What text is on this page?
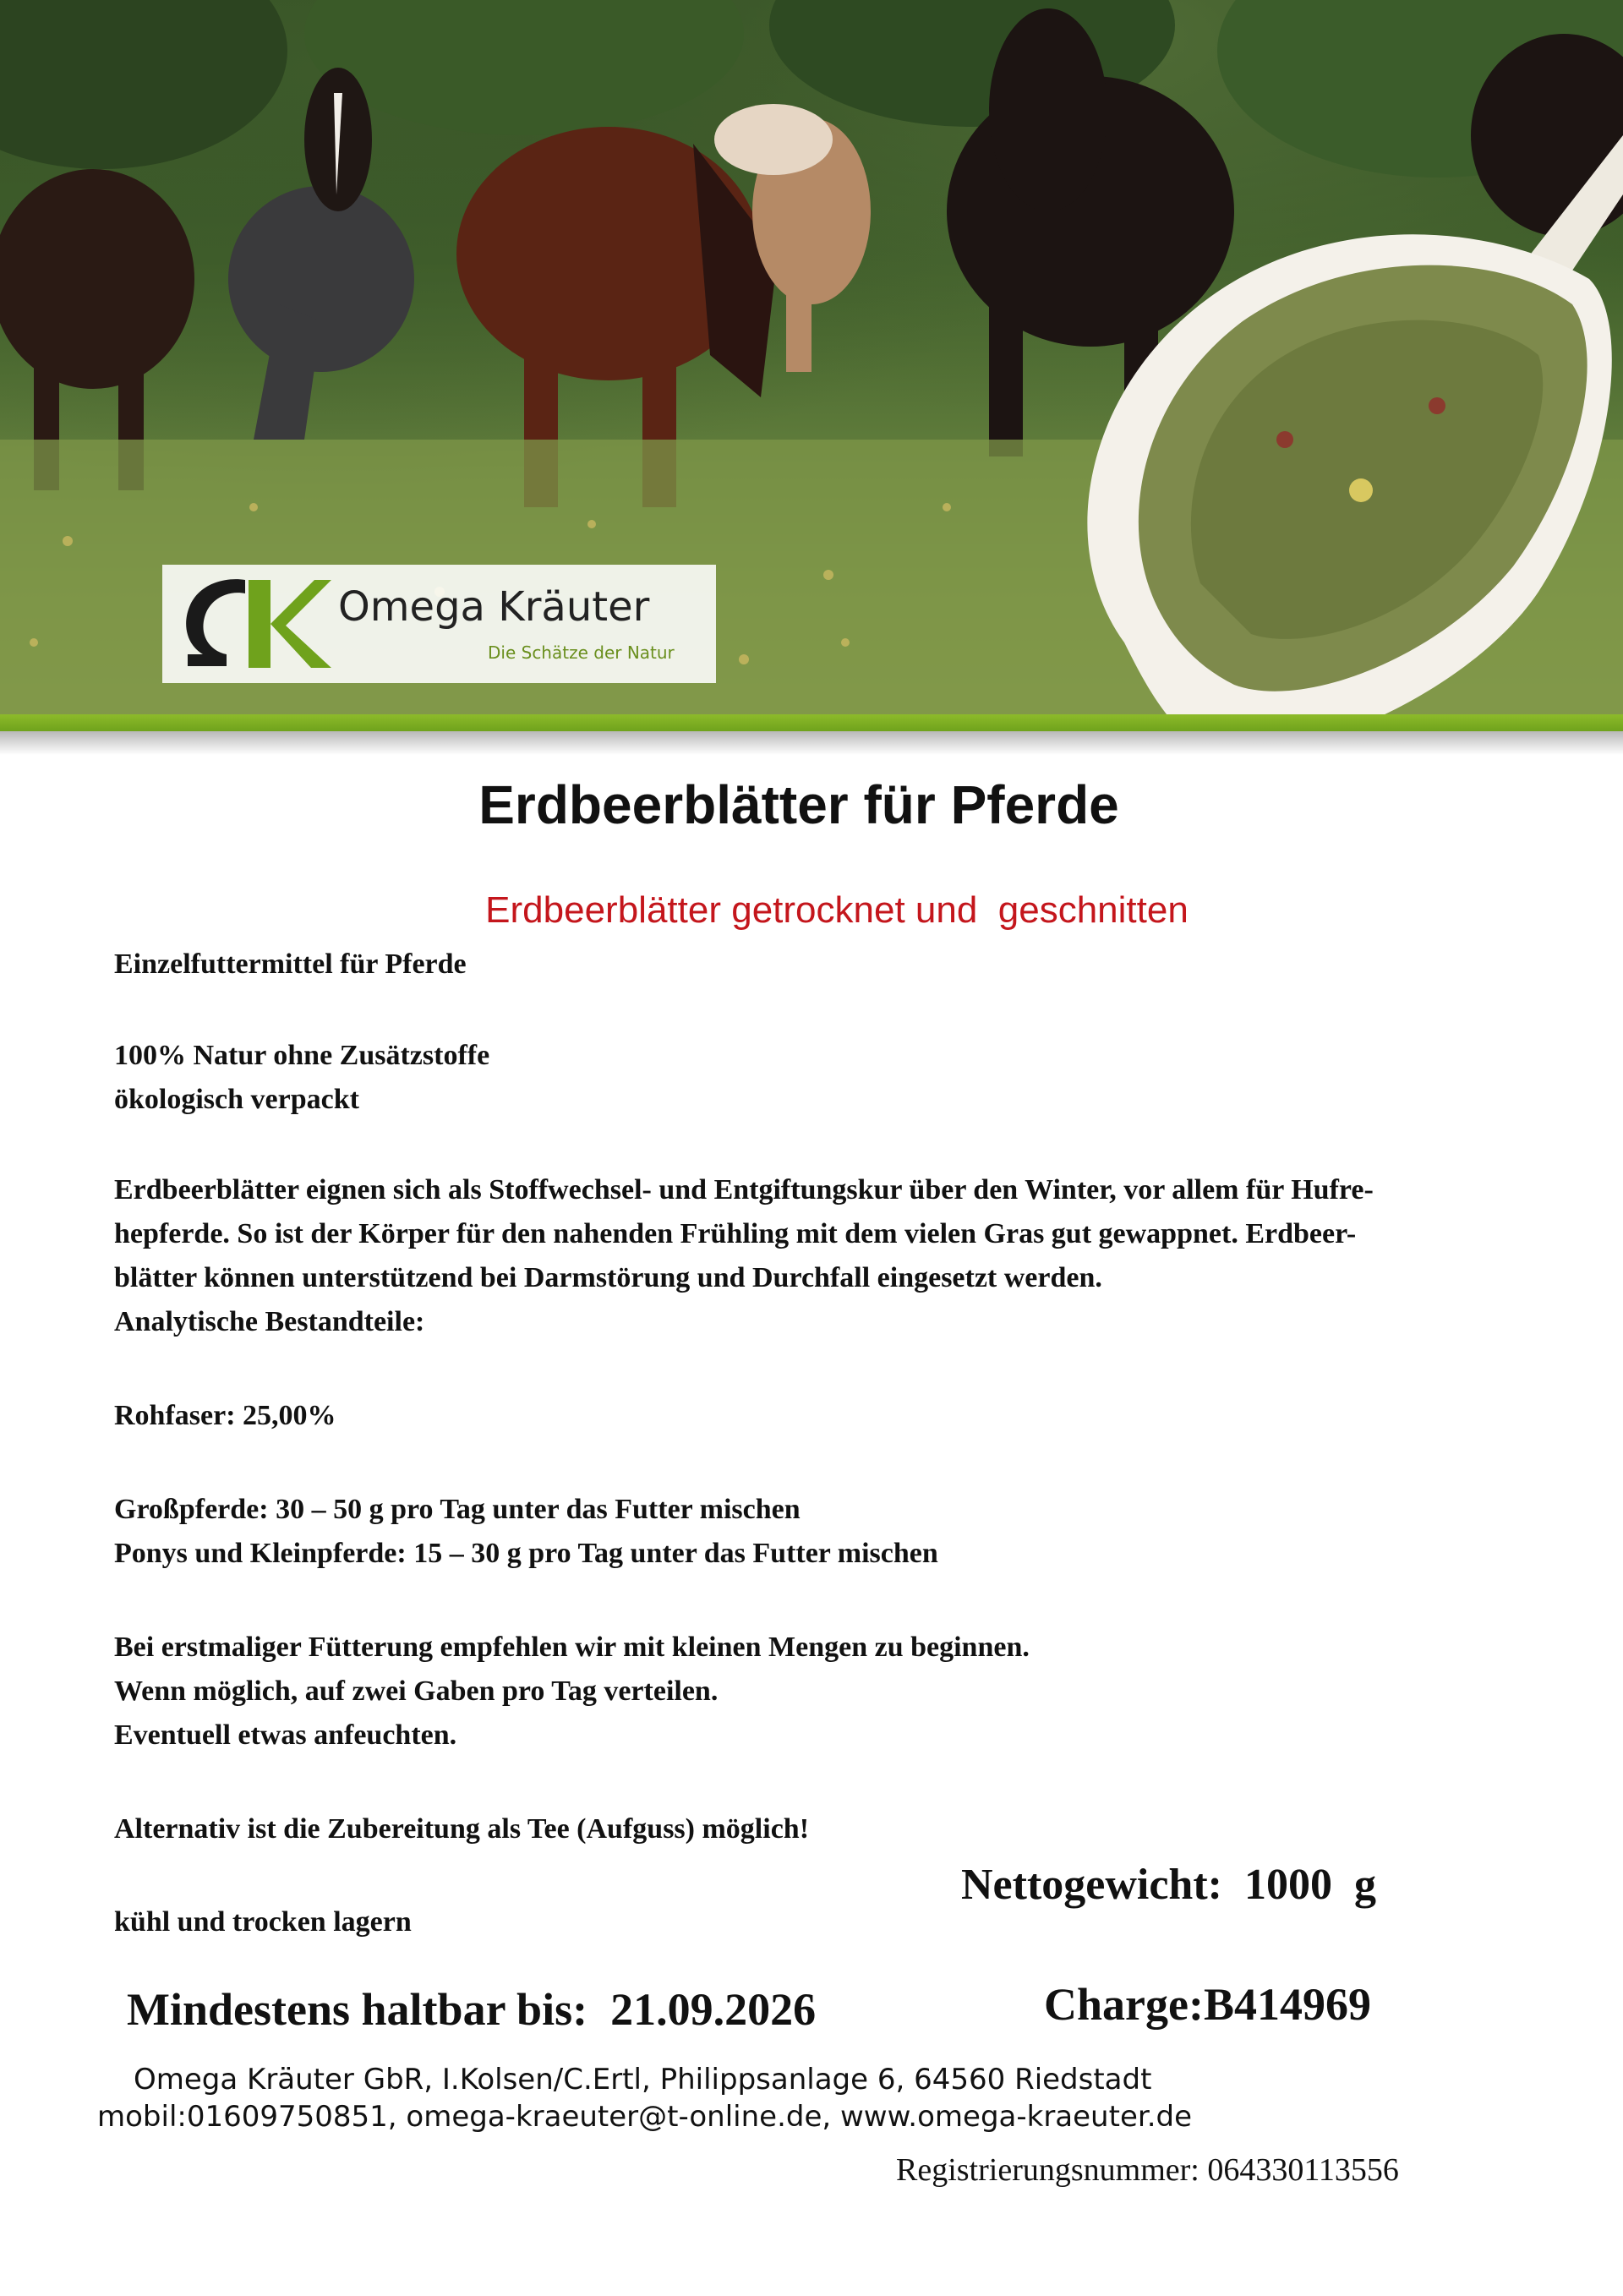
Omega Kräuter
Die Schätze der Natur
Erdbeerblätter für Pferde
Erdbeerblätter getrocknet und  geschnitten
Einzelfuttermittel für Pferde
100% Natur ohne Zusätzstoffe
ökologisch verpackt
Erdbeerblätter eignen sich als Stoffwechsel- und Entgiftungskur über den Winter, vor allem für Hufre-
hepferde. So ist der Körper für den nahenden Frühling mit dem vielen Gras gut gewappnet. Erdbeer-
blätter können unterstützend bei Darmstörung und Durchfall eingesetzt werden.
Analytische Bestandteile:
Rohfaser: 25,00%
Großpferde: 30 – 50 g pro Tag unter das Futter mischen
Ponys und Kleinpferde: 15 – 30 g pro Tag unter das Futter mischen
Bei erstmaliger Fütterung empfehlen wir mit kleinen Mengen zu beginnen.
Wenn möglich, auf zwei Gaben pro Tag verteilen.
Eventuell etwas anfeuchten.
Alternativ ist die Zubereitung als Tee (Aufguss) möglich!
Nettogewicht:  1000  g
kühl und trocken lagern
Mindestens haltbar bis:  21.09.2026	Charge:B414969
Omega Kräuter GbR, I.Kolsen/C.Ertl, Philippsanlage 6, 64560 Riedstadt
mobil:01609750851, omega-kraeuter@t-online.de, www.omega-kraeuter.de
Registrierungsnummer: 064330113556
